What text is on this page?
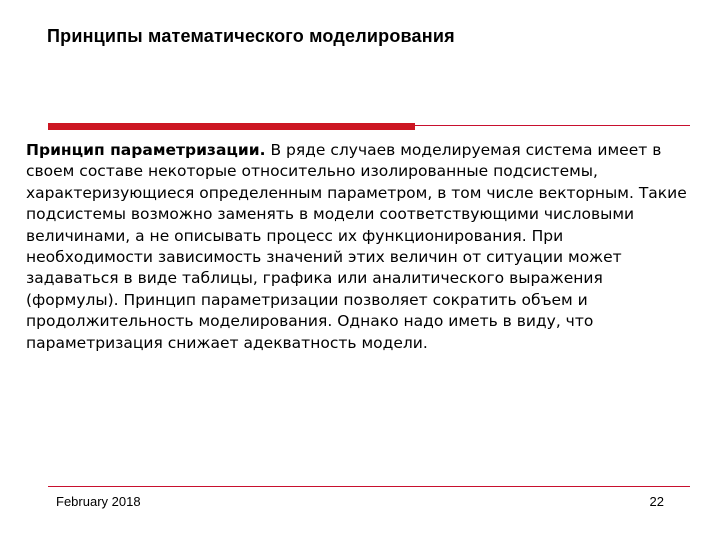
Принципы математического моделирования

Принцип параметризации. В ряде случаев моделируемая система имеет в своем составе некоторые относительно изолированные подсистемы, характеризующиеся определенным параметром, в том числе векторным. Такие подсистемы возможно заменять в модели соответствующими числовыми величинами, а не описывать процесс их функционирования. При необходимости зависимость значений этих величин от ситуации может задаваться в виде таблицы, графика или аналитического выражения (формулы). Принцип параметризации позволяет сократить объем и продолжительность моделирования. Однако надо иметь в виду, что параметризация снижает адекватность модели.

February 2018	22
